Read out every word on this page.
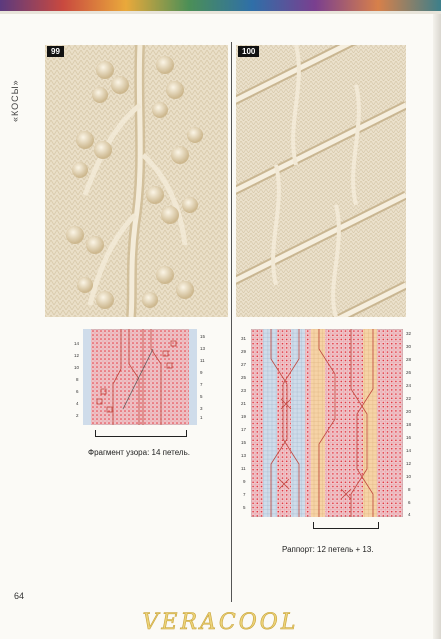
«КОСЫ»
99	100
14
12
10
8
6
4
2
15
13
11
9
7
5
3
1
Фрагмент узора: 14 петель.
31
29
27
25
23
21
19
17
15
13
11
9
7
5
32
30
28
26
24
22
20
18
16
14
12
10
8
6
4
Раппорт: 12 петель + 13.
64
VERACOOL
